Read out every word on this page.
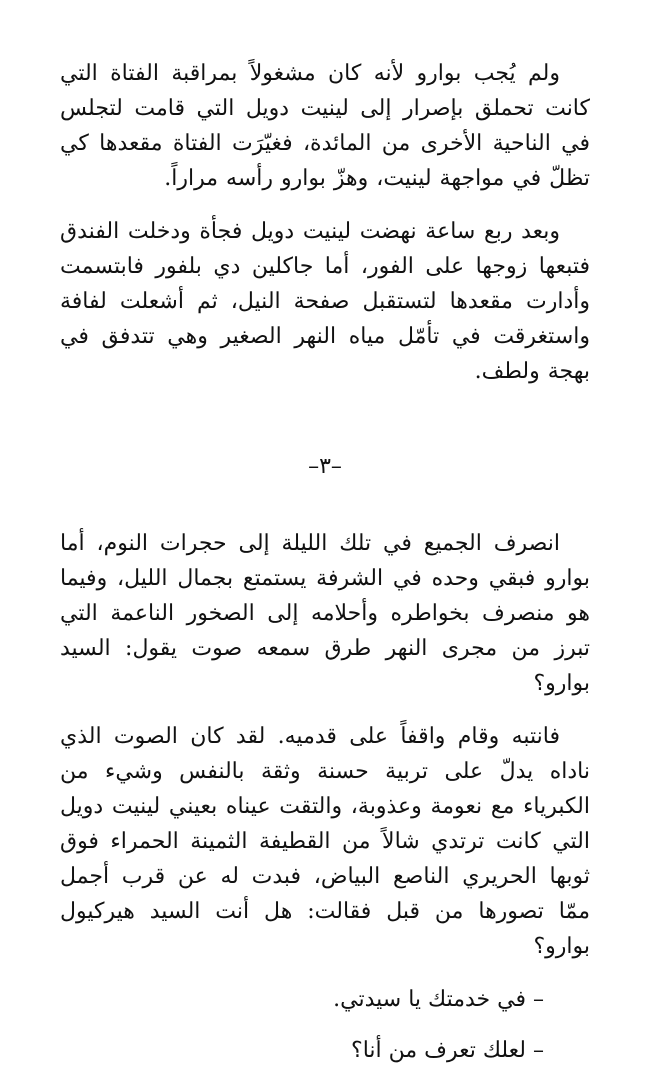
ولم يُجب بوارو لأنه كان مشغولاً بمراقبة الفتاة التي كانت تحملق بإصرار إلى لينيت دويل التي قامت لتجلس في الناحية الأخرى من المائدة، فغيّرَت الفتاة مقعدها كي تظلّ في مواجهة لينيت، وهزّ بوارو رأسه مراراً.

وبعد ربع ساعة نهضت لينيت دويل فجأة ودخلت الفندق فتبعها زوجها على الفور، أما جاكلين دي بلفور فابتسمت وأدارت مقعدها لتستقبل صفحة النيل، ثم أشعلت لفافة واستغرقت في تأمّل مياه النهر الصغير وهي تتدفق في بهجة ولطف.

–٣–

انصرف الجميع في تلك الليلة إلى حجرات النوم، أما بوارو فبقي وحده في الشرفة يستمتع بجمال الليل، وفيما هو منصرف بخواطره وأحلامه إلى الصخور الناعمة التي تبرز من مجرى النهر طرق سمعه صوت يقول: السيد بوارو؟

فانتبه وقام واقفاً على قدميه. لقد كان الصوت الذي ناداه يدلّ على تربية حسنة وثقة بالنفس وشيء من الكبرياء مع نعومة وعذوبة، والتقت عيناه بعيني لينيت دويل التي كانت ترتدي شالاً من القطيفة الثمينة الحمراء فوق ثوبها الحريري الناصع البياض، فبدت له عن قرب أجمل ممّا تصورها من قبل فقالت: هل أنت السيد هيركيول بوارو؟

– في خدمتك يا سيدتي.

– لعلك تعرف من أنا؟
